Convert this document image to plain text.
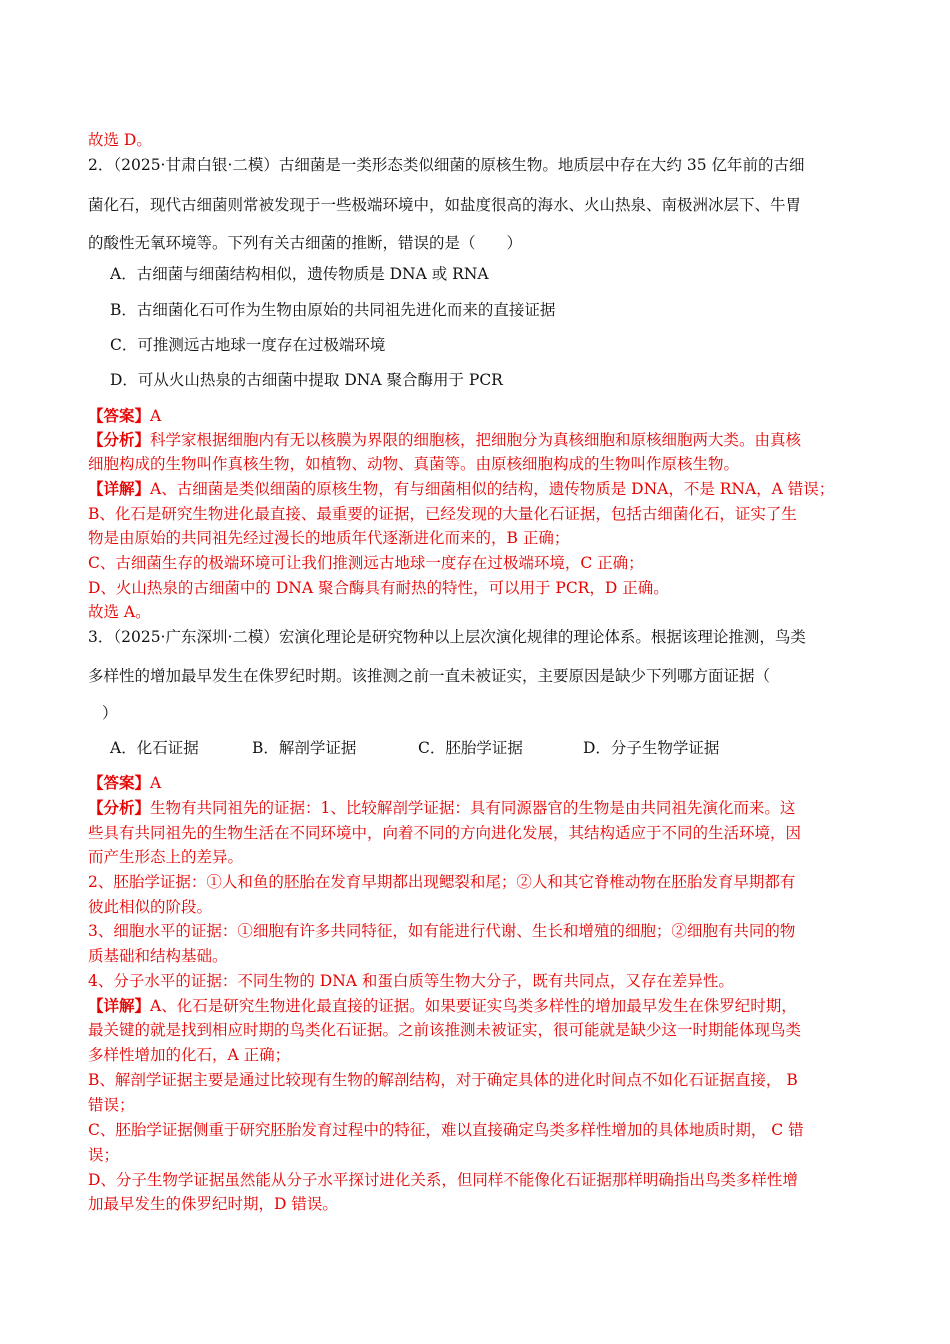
故选 D。
2．（2025·甘肃白银·二模）古细菌是一类形态类似细菌的原核生物。地质层中存在大约 35 亿年前的古细
菌化石，现代古细菌则常被发现于一些极端环境中，如盐度很高的海水、火山热泉、南极洲冰层下、牛胃
的酸性无氧环境等。下列有关古细菌的推断，错误的是（　　）
A．古细菌与细菌结构相似，遗传物质是 DNA 或 RNA
B．古细菌化石可作为生物由原始的共同祖先进化而来的直接证据
C．可推测远古地球一度存在过极端环境
D．可从火山热泉的古细菌中提取 DNA 聚合酶用于 PCR
【答案】A
【分析】科学家根据细胞内有无以核膜为界限的细胞核，把细胞分为真核细胞和原核细胞两大类。由真核
细胞构成的生物叫作真核生物，如植物、动物、真菌等。由原核细胞构成的生物叫作原核生物。
【详解】A、古细菌是类似细菌的原核生物，有与细菌相似的结构，遗传物质是 DNA，不是 RNA，A 错误；
B、化石是研究生物进化最直接、最重要的证据，已经发现的大量化石证据，包括古细菌化石，证实了生
物是由原始的共同祖先经过漫长的地质年代逐渐进化而来的，B 正确；
C、古细菌生存的极端环境可让我们推测远古地球一度存在过极端环境，C 正确；
D、火山热泉的古细菌中的 DNA 聚合酶具有耐热的特性，可以用于 PCR，D 正确。
故选 A。
3．（2025·广东深圳·二模）宏演化理论是研究物种以上层次演化规律的理论体系。根据该理论推测，鸟类
多样性的增加最早发生在侏罗纪时期。该推测之前一直未被证实，主要原因是缺少下列哪方面证据（
）
A．化石证据	B．解剖学证据	C．胚胎学证据	D．分子生物学证据
【答案】A
【分析】生物有共同祖先的证据：1、比较解剖学证据：具有同源器官的生物是由共同祖先演化而来。这
些具有共同祖先的生物生活在不同环境中，向着不同的方向进化发展，其结构适应于不同的生活环境，因
而产生形态上的差异。
2、胚胎学证据：①人和鱼的胚胎在发育早期都出现鳃裂和尾；②人和其它脊椎动物在胚胎发育早期都有
彼此相似的阶段。
3、细胞水平的证据：①细胞有许多共同特征，如有能进行代谢、生长和增殖的细胞；②细胞有共同的物
质基础和结构基础。
4、分子水平的证据：不同生物的 DNA 和蛋白质等生物大分子，既有共同点，又存在差异性。
【详解】A、化石是研究生物进化最直接的证据。如果要证实鸟类多样性的增加最早发生在侏罗纪时期，
最关键的就是找到相应时期的鸟类化石证据。之前该推测未被证实，很可能就是缺少这一时期能体现鸟类
多样性增加的化石，A 正确；
B、解剖学证据主要是通过比较现有生物的解剖结构，对于确定具体的进化时间点不如化石证据直接， B
错误；
C、胚胎学证据侧重于研究胚胎发育过程中的特征，难以直接确定鸟类多样性增加的具体地质时期， C 错
误；
D、分子生物学证据虽然能从分子水平探讨进化关系，但同样不能像化石证据那样明确指出鸟类多样性增
加最早发生的侏罗纪时期，D 错误。
